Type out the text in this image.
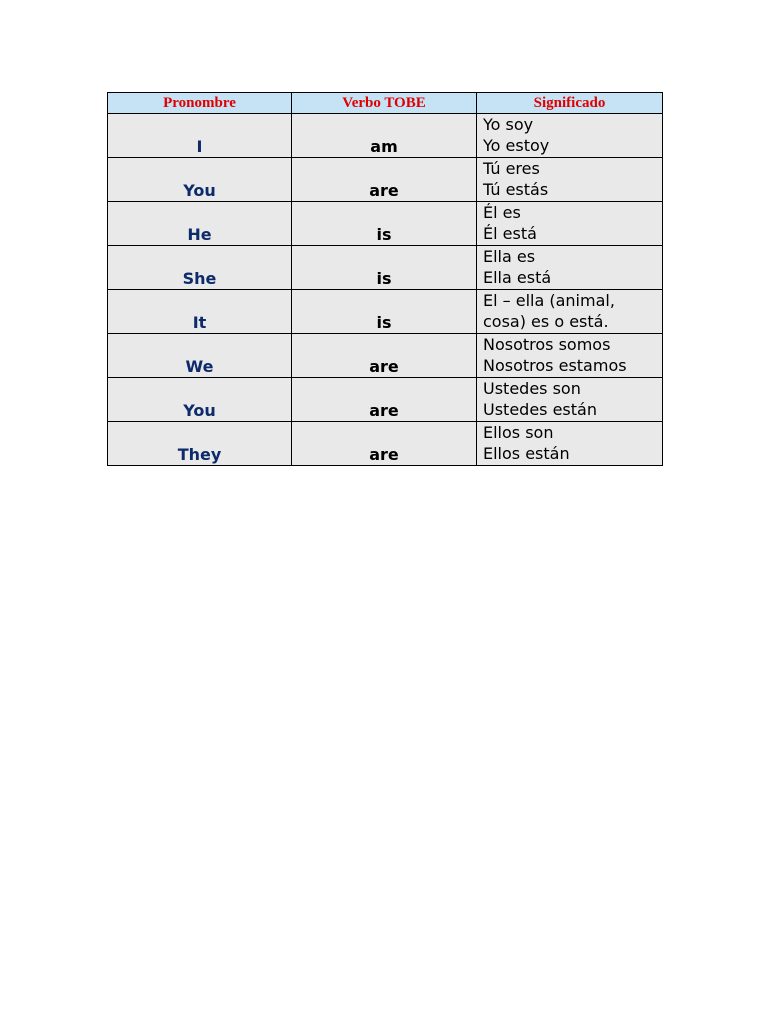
Pronombre	Verbo TOBE	Significado
I	am	Yo soy
Yo estoy

You	are	Tú eres
Tú estás

He	is	Él es
Él está

She	is	Ella es
Ella está

It	is	El – ella (animal,
cosa) es o está.

We	are	Nosotros somos
Nosotros estamos

You	are	Ustedes son
Ustedes están

They	are	Ellos son
Ellos están
